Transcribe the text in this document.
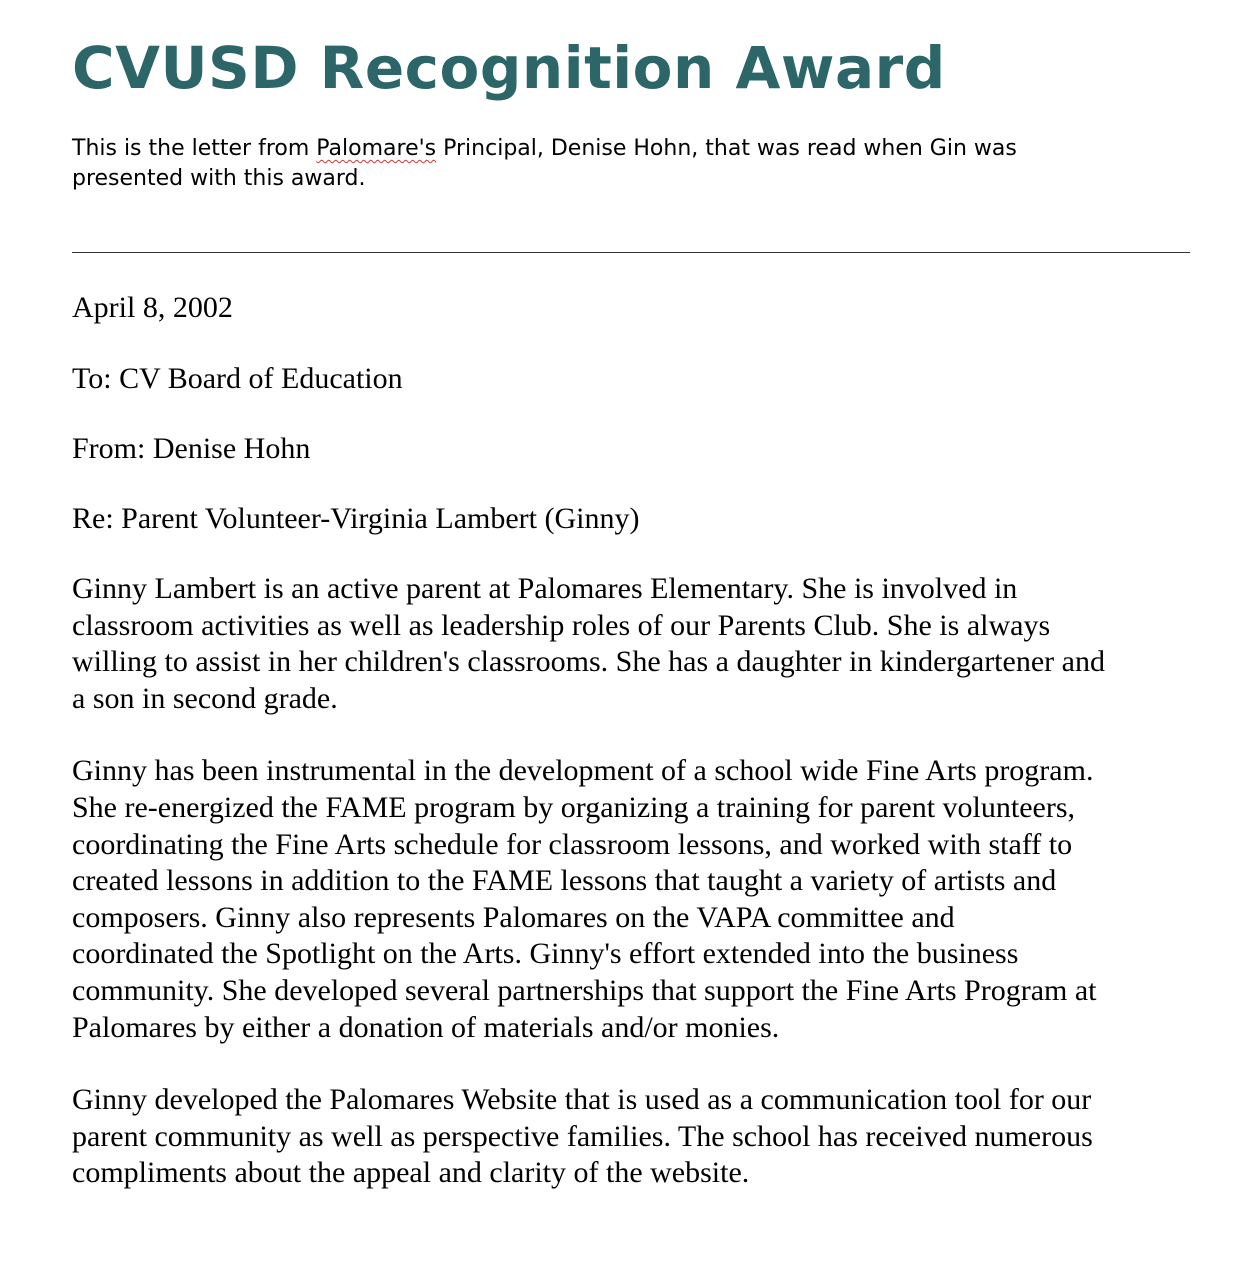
CVUSD Recognition Award

This is the letter from Palomare's Principal, Denise Hohn, that was read when Gin was
presented with this award.

April 8, 2002

To: CV Board of Education

From: Denise Hohn

Re: Parent Volunteer-Virginia Lambert (Ginny)

Ginny Lambert is an active parent at Palomares Elementary. She is involved in
classroom activities as well as leadership roles of our Parents Club. She is always
willing to assist in her children's classrooms. She has a daughter in kindergartener and
a son in second grade.

Ginny has been instrumental in the development of a school wide Fine Arts program.
She re-energized the FAME program by organizing a training for parent volunteers,
coordinating the Fine Arts schedule for classroom lessons, and worked with staff to
created lessons in addition to the FAME lessons that taught a variety of artists and
composers. Ginny also represents Palomares on the VAPA committee and
coordinated the Spotlight on the Arts. Ginny's effort extended into the business
community. She developed several partnerships that support the Fine Arts Program at
Palomares by either a donation of materials and/or monies.

Ginny developed the Palomares Website that is used as a communication tool for our
parent community as well as perspective families. The school has received numerous
compliments about the appeal and clarity of the website.
